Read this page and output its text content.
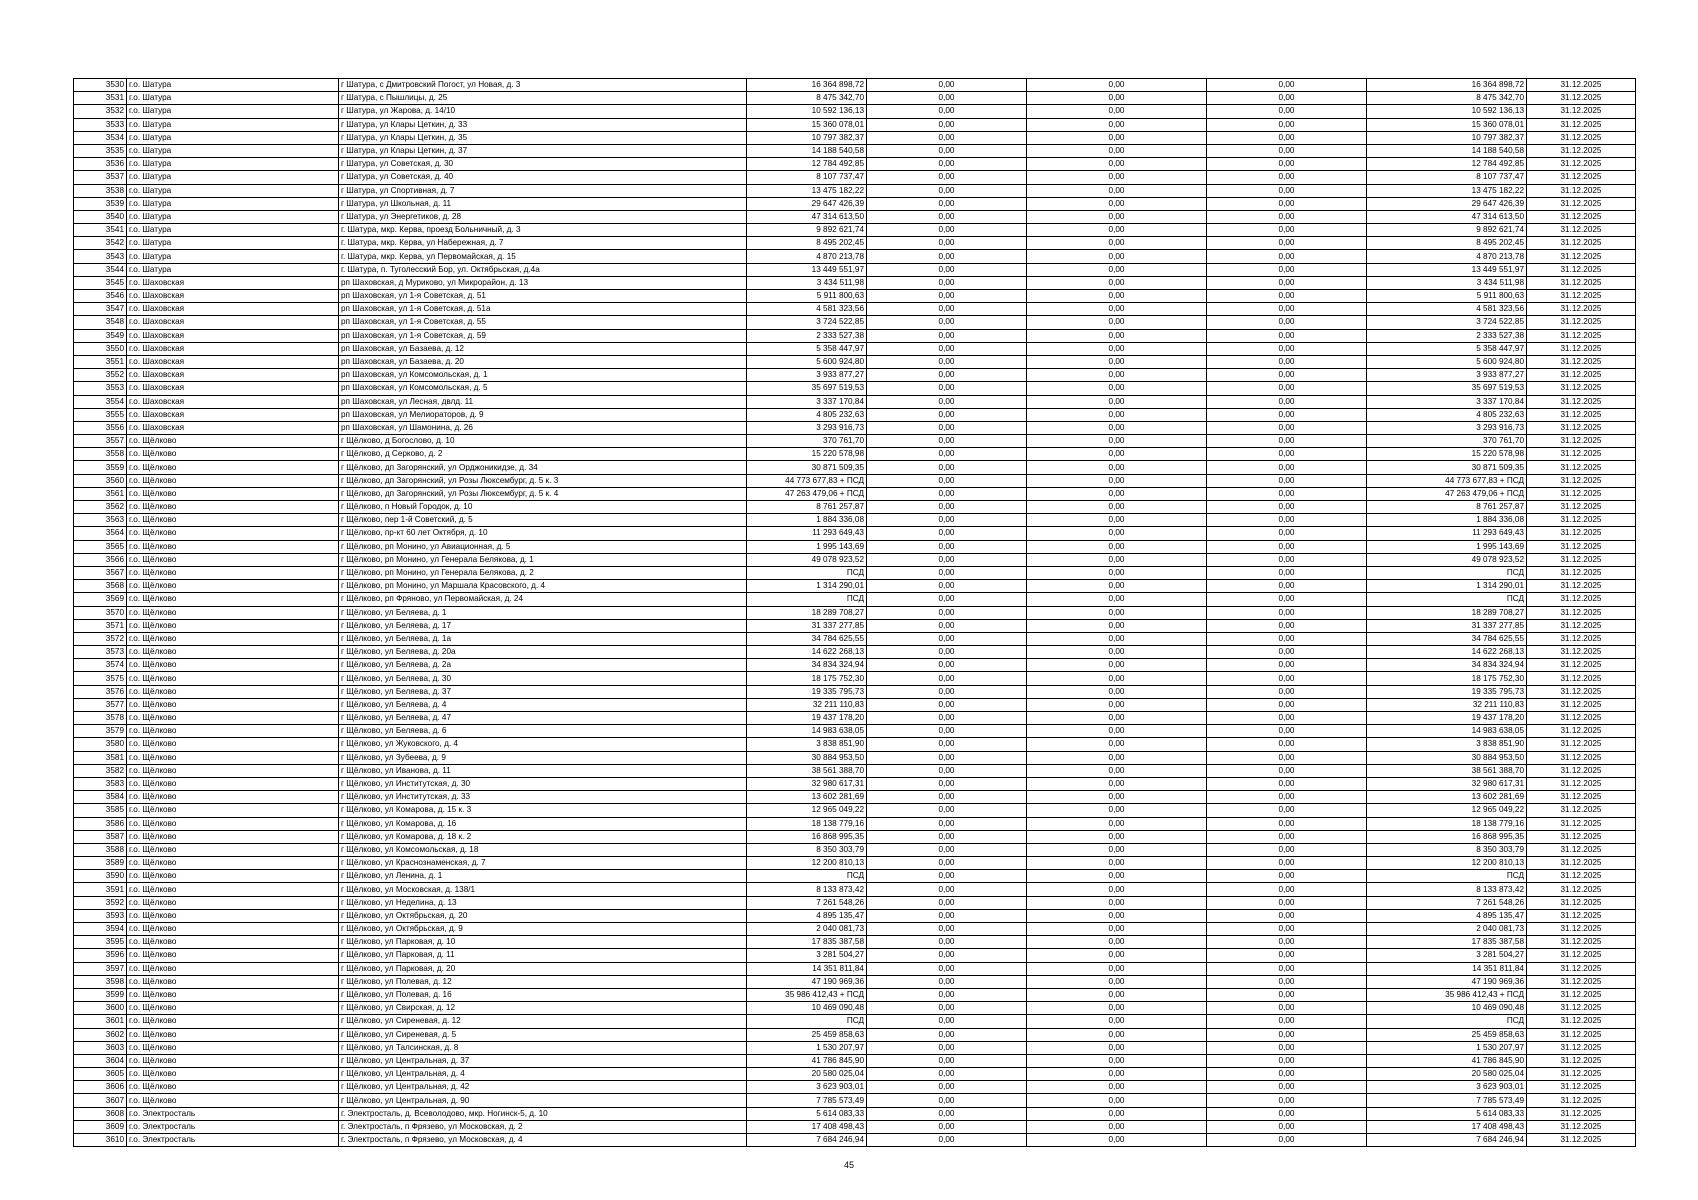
3530	г.о. Шатура	г Шатура, с Дмитровский Погост, ул Новая, д. 3	16 364 898,72	0,00	0,00	0,00	16 364 898,72	31.12.2025
3531	г.о. Шатура	г Шатура, с Пышлицы, д. 25	8 475 342,70	0,00	0,00	0,00	8 475 342,70	31.12.2025
3532	г.о. Шатура	г Шатура, ул Жарова, д. 14/10	10 592 136,13	0,00	0,00	0,00	10 592 136,13	31.12.2025
3533	г.о. Шатура	г Шатура, ул Клары Цеткин, д. 33	15 360 078,01	0,00	0,00	0,00	15 360 078,01	31.12.2025
3534	г.о. Шатура	г Шатура, ул Клары Цеткин, д. 35	10 797 382,37	0,00	0,00	0,00	10 797 382,37	31.12.2025
3535	г.о. Шатура	г Шатура, ул Клары Цеткин, д. 37	14 188 540,58	0,00	0,00	0,00	14 188 540,58	31.12.2025
3536	г.о. Шатура	г Шатура, ул Советская, д. 30	12 784 492,85	0,00	0,00	0,00	12 784 492,85	31.12.2025
3537	г.о. Шатура	г Шатура, ул Советская, д. 40	8 107 737,47	0,00	0,00	0,00	8 107 737,47	31.12.2025
3538	г.о. Шатура	г Шатура, ул Спортивная, д. 7	13 475 182,22	0,00	0,00	0,00	13 475 182,22	31.12.2025
3539	г.о. Шатура	г Шатура, ул Школьная, д. 11	29 647 426,39	0,00	0,00	0,00	29 647 426,39	31.12.2025
3540	г.о. Шатура	г Шатура, ул Энергетиков, д. 28	47 314 613,50	0,00	0,00	0,00	47 314 613,50	31.12.2025
3541	г.о. Шатура	г. Шатура, мкр. Керва, проезд Больничный, д. 3	9 892 621,74	0,00	0,00	0,00	9 892 621,74	31.12.2025
3542	г.о. Шатура	г. Шатура, мкр. Керва, ул Набережная, д. 7	8 495 202,45	0,00	0,00	0,00	8 495 202,45	31.12.2025
3543	г.о. Шатура	г. Шатура, мкр. Керва, ул Первомайская, д. 15	4 870 213,78	0,00	0,00	0,00	4 870 213,78	31.12.2025
3544	г.о. Шатура	г. Шатура, п. Туголесский Бор, ул. Октябрьская, д.4а	13 449 551,97	0,00	0,00	0,00	13 449 551,97	31.12.2025
3545	г.о. Шаховская	рп Шаховская, д Муриково, ул Микрорайон, д. 13	3 434 511,98	0,00	0,00	0,00	3 434 511,98	31.12.2025
3546	г.о. Шаховская	рп Шаховская, ул 1-я Советская, д. 51	5 911 800,63	0,00	0,00	0,00	5 911 800,63	31.12.2025
3547	г.о. Шаховская	рп Шаховская, ул 1-я Советская, д. 51а	4 581 323,56	0,00	0,00	0,00	4 581 323,56	31.12.2025
3548	г.о. Шаховская	рп Шаховская, ул 1-я Советская, д. 55	3 724 522,85	0,00	0,00	0,00	3 724 522,85	31.12.2025
3549	г.о. Шаховская	рп Шаховская, ул 1-я Советская, д. 59	2 333 527,38	0,00	0,00	0,00	2 333 527,38	31.12.2025
3550	г.о. Шаховская	рп Шаховская, ул Базаева, д. 12	5 358 447,97	0,00	0,00	0,00	5 358 447,97	31.12.2025
3551	г.о. Шаховская	рп Шаховская, ул Базаева, д. 20	5 600 924,80	0,00	0,00	0,00	5 600 924,80	31.12.2025
3552	г.о. Шаховская	рп Шаховская, ул Комсомольская, д. 1	3 933 877,27	0,00	0,00	0,00	3 933 877,27	31.12.2025
3553	г.о. Шаховская	рп Шаховская, ул Комсомольская, д. 5	35 697 519,53	0,00	0,00	0,00	35 697 519,53	31.12.2025
3554	г.о. Шаховская	рп Шаховская, ул Лесная, двлд. 11	3 337 170,84	0,00	0,00	0,00	3 337 170,84	31.12.2025
3555	г.о. Шаховская	рп Шаховская, ул Мелиораторов, д. 9	4 805 232,63	0,00	0,00	0,00	4 805 232,63	31.12.2025
3556	г.о. Шаховская	рп Шаховская, ул Шамонина, д. 26	3 293 916,73	0,00	0,00	0,00	3 293 916,73	31.12.2025
3557	г.о. Щёлково	г Щёлково, д Богослово, д. 10	370 761,70	0,00	0,00	0,00	370 761,70	31.12.2025
3558	г.о. Щёлково	г Щёлково, д Серково, д. 2	15 220 578,98	0,00	0,00	0,00	15 220 578,98	31.12.2025
3559	г.о. Щёлково	г Щёлково, дп Загорянский, ул Орджоникидзе, д. 34	30 871 509,35	0,00	0,00	0,00	30 871 509,35	31.12.2025
3560	г.о. Щёлково	г Щёлково, дп Загорянский, ул Розы Люксембург, д. 5 к. 3	44 773 677,83 + ПСД	0,00	0,00	0,00	44 773 677,83 + ПСД	31.12.2025
3561	г.о. Щёлково	г Щёлково, дп Загорянский, ул Розы Люксембург, д. 5 к. 4	47 263 479,06 + ПСД	0,00	0,00	0,00	47 263 479,06 + ПСД	31.12.2025
3562	г.о. Щёлково	г Щёлково, п Новый Городок, д. 10	8 761 257,87	0,00	0,00	0,00	8 761 257,87	31.12.2025
3563	г.о. Щёлково	г Щёлково, пер 1-й Советский, д. 5	1 884 336,08	0,00	0,00	0,00	1 884 336,08	31.12.2025
3564	г.о. Щёлково	г Щёлково, пр-кт 60 лет Октября, д. 10	11 293 649,43	0,00	0,00	0,00	11 293 649,43	31.12.2025
3565	г.о. Щёлково	г Щёлково, рп Монино, ул Авиационная, д. 5	1 995 143,69	0,00	0,00	0,00	1 995 143,69	31.12.2025
3566	г.о. Щёлково	г Щёлково, рп Монино, ул Генерала Белякова, д. 1	49 078 923,52	0,00	0,00	0,00	49 078 923,52	31.12.2025
3567	г.о. Щёлково	г Щёлково, рп Монино, ул Генерала Белякова, д. 2	ПСД	0,00	0,00	0,00	ПСД	31.12.2025
3568	г.о. Щёлково	г Щёлково, рп Монино, ул Маршала Красовского, д. 4	1 314 290,01	0,00	0,00	0,00	1 314 290,01	31.12.2025
3569	г.о. Щёлково	г Щёлково, рп Фряново, ул Первомайская, д. 24	ПСД	0,00	0,00	0,00	ПСД	31.12.2025
3570	г.о. Щёлково	г Щёлково, ул Беляева, д. 1	18 289 708,27	0,00	0,00	0,00	18 289 708,27	31.12.2025
3571	г.о. Щёлково	г Щёлково, ул Беляева, д. 17	31 337 277,85	0,00	0,00	0,00	31 337 277,85	31.12.2025
3572	г.о. Щёлково	г Щёлково, ул Беляева, д. 1а	34 784 625,55	0,00	0,00	0,00	34 784 625,55	31.12.2025
3573	г.о. Щёлково	г Щёлково, ул Беляева, д. 20а	14 622 268,13	0,00	0,00	0,00	14 622 268,13	31.12.2025
3574	г.о. Щёлково	г Щёлково, ул Беляева, д. 2а	34 834 324,94	0,00	0,00	0,00	34 834 324,94	31.12.2025
3575	г.о. Щёлково	г Щёлково, ул Беляева, д. 30	18 175 752,30	0,00	0,00	0,00	18 175 752,30	31.12.2025
3576	г.о. Щёлково	г Щёлково, ул Беляева, д. 37	19 335 795,73	0,00	0,00	0,00	19 335 795,73	31.12.2025
3577	г.о. Щёлково	г Щёлково, ул Беляева, д. 4	32 211 110,83	0,00	0,00	0,00	32 211 110,83	31.12.2025
3578	г.о. Щёлково	г Щёлково, ул Беляева, д. 47	19 437 178,20	0,00	0,00	0,00	19 437 178,20	31.12.2025
3579	г.о. Щёлково	г Щёлково, ул Беляева, д. 6	14 983 638,05	0,00	0,00	0,00	14 983 638,05	31.12.2025
3580	г.о. Щёлково	г Щёлково, ул Жуковского, д. 4	3 838 851,90	0,00	0,00	0,00	3 838 851,90	31.12.2025
3581	г.о. Щёлково	г Щёлково, ул Зубеева, д. 9	30 884 953,50	0,00	0,00	0,00	30 884 953,50	31.12.2025
3582	г.о. Щёлково	г Щёлково, ул Иванова, д. 11	38 561 388,70	0,00	0,00	0,00	38 561 388,70	31.12.2025
3583	г.о. Щёлково	г Щёлково, ул Институтская, д. 30	32 980 617,31	0,00	0,00	0,00	32 980 617,31	31.12.2025
3584	г.о. Щёлково	г Щёлково, ул Институтская, д. 33	13 602 281,69	0,00	0,00	0,00	13 602 281,69	31.12.2025
3585	г.о. Щёлково	г Щёлково, ул Комарова, д. 15 к. 3	12 965 049,22	0,00	0,00	0,00	12 965 049,22	31.12.2025
3586	г.о. Щёлково	г Щёлково, ул Комарова, д. 16	18 138 779,16	0,00	0,00	0,00	18 138 779,16	31.12.2025
3587	г.о. Щёлково	г Щёлково, ул Комарова, д. 18 к. 2	16 868 995,35	0,00	0,00	0,00	16 868 995,35	31.12.2025
3588	г.о. Щёлково	г Щёлково, ул Комсомольская, д. 18	8 350 303,79	0,00	0,00	0,00	8 350 303,79	31.12.2025
3589	г.о. Щёлково	г Щёлково, ул Краснознаменская, д. 7	12 200 810,13	0,00	0,00	0,00	12 200 810,13	31.12.2025
3590	г.о. Щёлково	г Щёлково, ул Ленина, д. 1	ПСД	0,00	0,00	0,00	ПСД	31.12.2025
3591	г.о. Щёлково	г Щёлково, ул Московская, д. 138/1	8 133 873,42	0,00	0,00	0,00	8 133 873,42	31.12.2025
3592	г.о. Щёлково	г Щёлково, ул Неделина, д. 13	7 261 548,26	0,00	0,00	0,00	7 261 548,26	31.12.2025
3593	г.о. Щёлково	г Щёлково, ул Октябрьская, д. 20	4 895 135,47	0,00	0,00	0,00	4 895 135,47	31.12.2025
3594	г.о. Щёлково	г Щёлково, ул Октябрьская, д. 9	2 040 081,73	0,00	0,00	0,00	2 040 081,73	31.12.2025
3595	г.о. Щёлково	г Щёлково, ул Парковая, д. 10	17 835 387,58	0,00	0,00	0,00	17 835 387,58	31.12.2025
3596	г.о. Щёлково	г Щёлково, ул Парковая, д. 11	3 281 504,27	0,00	0,00	0,00	3 281 504,27	31.12.2025
3597	г.о. Щёлково	г Щёлково, ул Парковая, д. 20	14 351 811,84	0,00	0,00	0,00	14 351 811,84	31.12.2025
3598	г.о. Щёлково	г Щёлково, ул Полевая, д. 12	47 190 969,36	0,00	0,00	0,00	47 190 969,36	31.12.2025
3599	г.о. Щёлково	г Щёлково, ул Полевая, д. 16	35 986 412,43 + ПСД	0,00	0,00	0,00	35 986 412,43 + ПСД	31.12.2025
3600	г.о. Щёлково	г Щёлково, ул Свирская, д. 12	10 469 090,48	0,00	0,00	0,00	10 469 090,48	31.12.2025
3601	г.о. Щёлково	г Щёлково, ул Сиреневая, д. 12	ПСД	0,00	0,00	0,00	ПСД	31.12.2025
3602	г.о. Щёлково	г Щёлково, ул Сиреневая, д. 5	25 459 858,63	0,00	0,00	0,00	25 459 858,63	31.12.2025
3603	г.о. Щёлково	г Щёлково, ул Талсинская, д. 8	1 530 207,97	0,00	0,00	0,00	1 530 207,97	31.12.2025
3604	г.о. Щёлково	г Щёлково, ул Центральная, д. 37	41 786 845,90	0,00	0,00	0,00	41 786 845,90	31.12.2025
3605	г.о. Щёлково	г Щёлково, ул Центральная, д. 4	20 580 025,04	0,00	0,00	0,00	20 580 025,04	31.12.2025
3606	г.о. Щёлково	г Щёлково, ул Центральная, д. 42	3 623 903,01	0,00	0,00	0,00	3 623 903,01	31.12.2025
3607	г.о. Щёлково	г Щёлково, ул Центральная, д. 90	7 785 573,49	0,00	0,00	0,00	7 785 573,49	31.12.2025
3608	г.о. Электросталь	г. Электросталь, д. Всеволодово, мкр. Ногинск-5, д. 10	5 614 083,33	0,00	0,00	0,00	5 614 083,33	31.12.2025
3609	г.о. Электросталь	г. Электросталь, п Фрязево, ул Московская, д. 2	17 408 498,43	0,00	0,00	0,00	17 408 498,43	31.12.2025
3610	г.о. Электросталь	г. Электросталь, п Фрязево, ул Московская, д. 4	7 684 246,94	0,00	0,00	0,00	7 684 246,94	31.12.2025
45
